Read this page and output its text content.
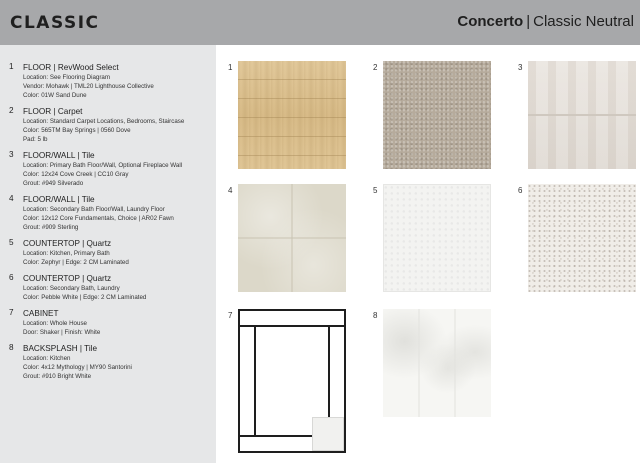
CLASSIC	Concerto | Classic Neutral
1 FLOOR | RevWood Select
Location: See Flooring Diagram
Vendor: Mohawk | TML20 Lighthouse Collective
Color: 01W Sand Dune
2 FLOOR | Carpet
Location: Standard Carpet Locations, Bedrooms, Staircase
Color: 565TM Bay Springs | 0560 Dove
Pad: 5 lb
3 FLOOR/WALL | Tile
Location: Primary Bath Floor/Wall, Optional Fireplace Wall
Color: 12x24 Cove Creek | CC10 Gray
Grout: #949 Silverado
4 FLOOR/WALL | Tile
Location: Secondary Bath Floor/Wall, Laundry Floor
Color: 12x12 Core Fundamentals, Choice | AR02 Fawn
Grout: #909 Sterling
5 COUNTERTOP | Quartz
Location: Kitchen, Primary Bath
Color: Zephyr | Edge: 2 CM Laminated
6 COUNTERTOP | Quartz
Location: Secondary Bath, Laundry
Color: Pebble White | Edge: 2 CM Laminated
7 CABINET
Location: Whole House
Door: Shaker | Finish: White
8 BACKSPLASH | Tile
Location: Kitchen
Color: 4x12 Mythology | MY90 Santorini
Grout: #910 Bright White
1	2	3
4	5	6
7	8
